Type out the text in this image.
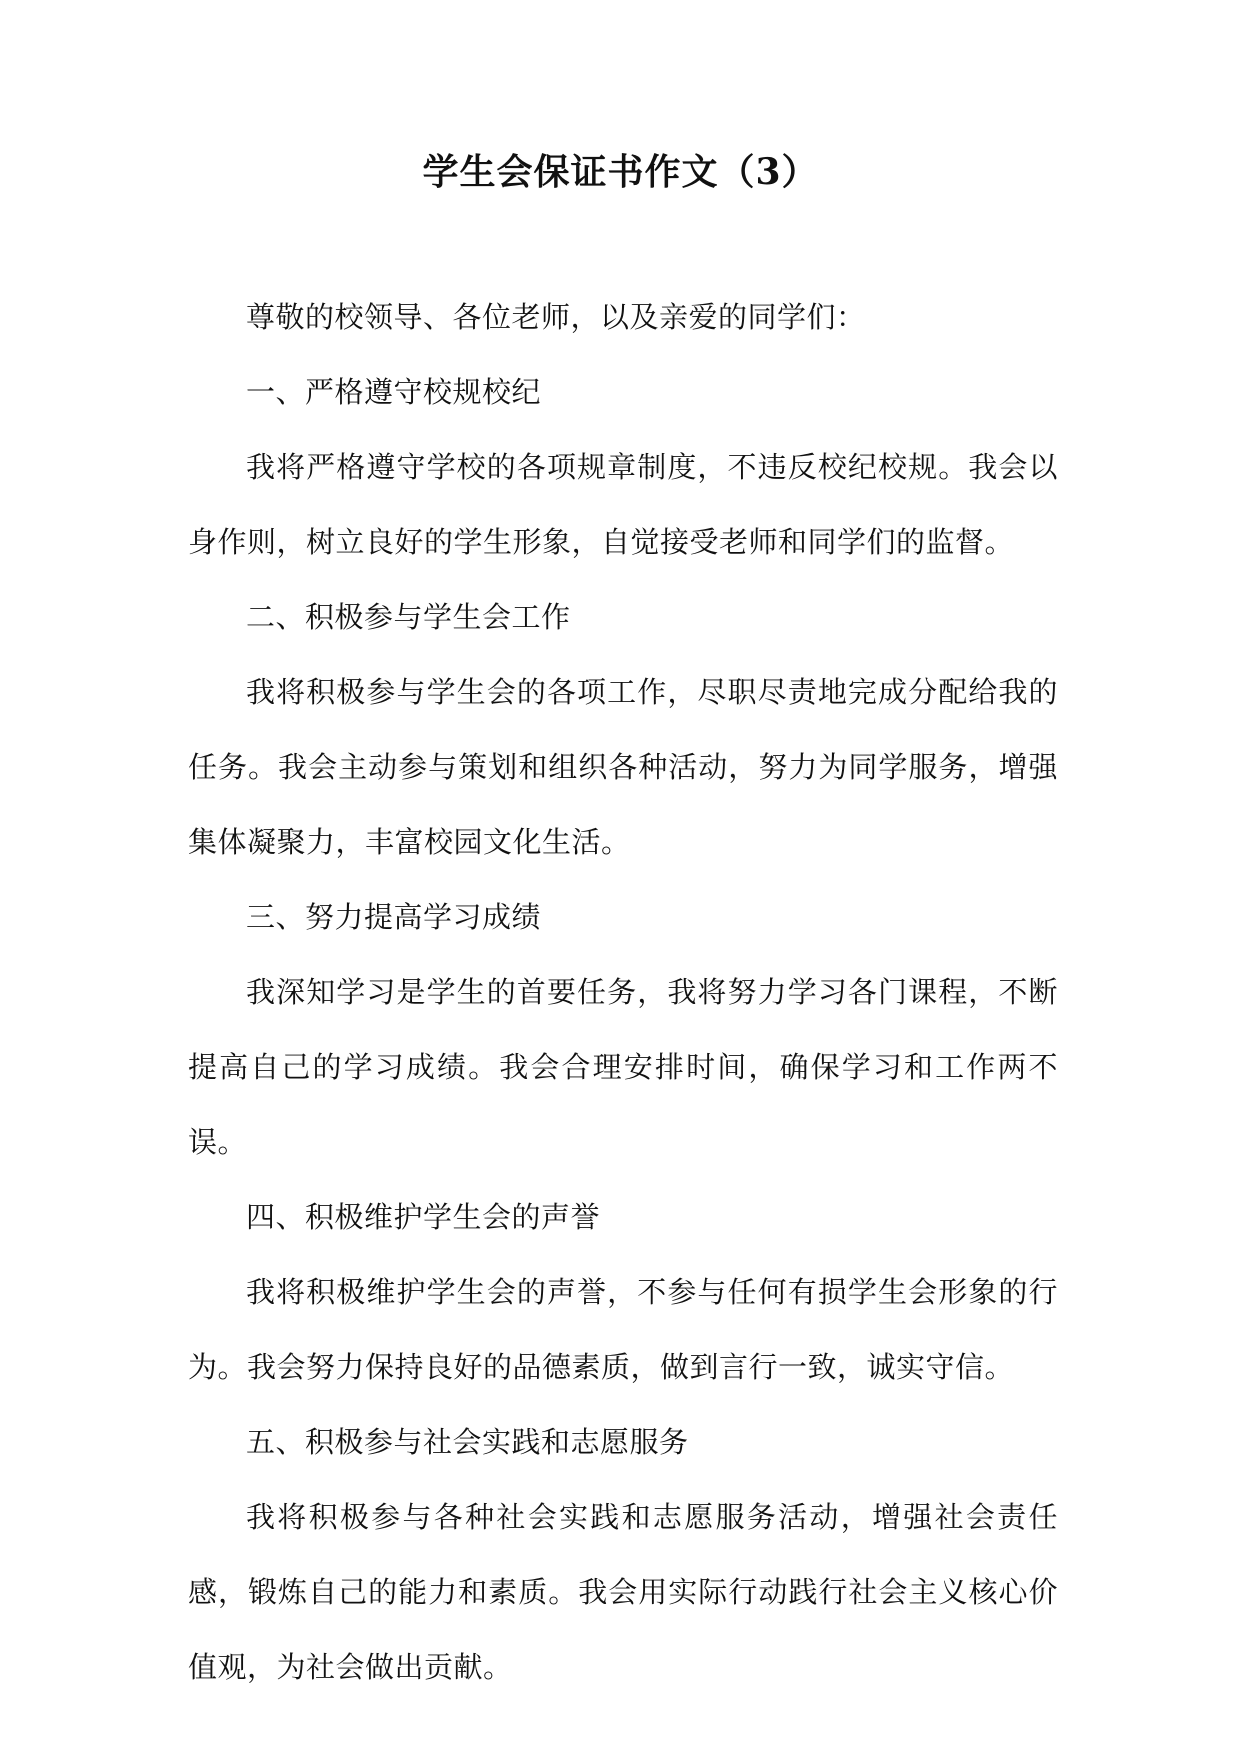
学生会保证书作文（3）

尊敬的校领导、各位老师，以及亲爱的同学们：

一、严格遵守校规校纪

我将严格遵守学校的各项规章制度，不违反校纪校规。我会以身作则，树立良好的学生形象，自觉接受老师和同学们的监督。

二、积极参与学生会工作

我将积极参与学生会的各项工作，尽职尽责地完成分配给我的任务。我会主动参与策划和组织各种活动，努力为同学服务，增强集体凝聚力，丰富校园文化生活。

三、努力提高学习成绩

我深知学习是学生的首要任务，我将努力学习各门课程，不断提高自己的学习成绩。我会合理安排时间，确保学习和工作两不误。

四、积极维护学生会的声誉

我将积极维护学生会的声誉，不参与任何有损学生会形象的行为。我会努力保持良好的品德素质，做到言行一致，诚实守信。

五、积极参与社会实践和志愿服务

我将积极参与各种社会实践和志愿服务活动，增强社会责任感，锻炼自己的能力和素质。我会用实际行动践行社会主义核心价值观，为社会做出贡献。
